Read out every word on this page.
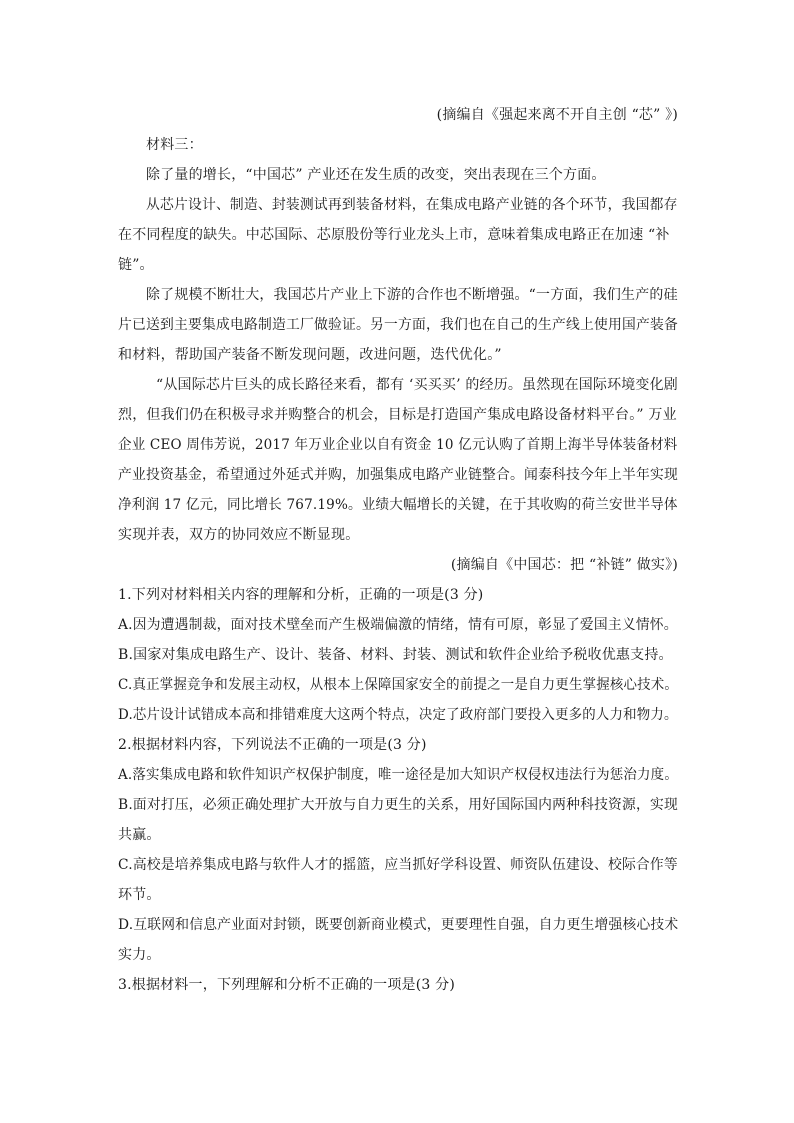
(摘编自《强起来离不开自主创 “芯” 》)
材料三：
除了量的增长，“中国芯” 产业还在发生质的改变，突出表现在三个方面。
从芯片设计、制造、封装测试再到装备材料，在集成电路产业链的各个环节，我国都存
在不同程度的缺失。中芯国际、芯原股份等行业龙头上市，意味着集成电路正在加速 “补
链”。
除了规模不断壮大，我国芯片产业上下游的合作也不断增强。“一方面，我们生产的硅
片已送到主要集成电路制造工厂做验证。另一方面，我们也在自己的生产线上使用国产装备
和材料，帮助国产装备不断发现问题，改进问题，迭代优化。”
“从国际芯片巨头的成长路径来看，都有 ‘买买买’ 的经历。虽然现在国际环境变化剧
烈，但我们仍在积极寻求并购整合的机会，目标是打造国产集成电路设备材料平台。” 万业
企业 CEO 周伟芳说，2017 年万业企业以自有资金 10 亿元认购了首期上海半导体装备材料
产业投资基金，希望通过外延式并购，加强集成电路产业链整合。闻泰科技今年上半年实现
净利润 17 亿元，同比增长 767.19%。业绩大幅增长的关键，在于其收购的荷兰安世半导体
实现并表，双方的协同效应不断显现。
(摘编自《中国芯：把 “补链” 做实》)
1.下列对材料相关内容的理解和分析，正确的一项是(3 分)
A.因为遭遇制裁，面对技术壁垒而产生极端偏激的情绪，情有可原，彰显了爱国主义情怀。
B.国家对集成电路生产、设计、装备、材料、封装、测试和软件企业给予税收优惠支持。
C.真正掌握竞争和发展主动权，从根本上保障国家安全的前提之一是自力更生掌握核心技术。
D.芯片设计试错成本高和排错难度大这两个特点，决定了政府部门要投入更多的人力和物力。
2.根据材料内容，下列说法不正确的一项是(3 分)
A.落实集成电路和软件知识产权保护制度，唯一途径是加大知识产权侵权违法行为惩治力度。
B.面对打压，必须正确处理扩大开放与自力更生的关系，用好国际国内两种科技资源，实现
共赢。
C.高校是培养集成电路与软件人才的摇篮，应当抓好学科设置、师资队伍建设、校际合作等
环节。
D.互联网和信息产业面对封锁，既要创新商业模式，更要理性自强，自力更生增强核心技术
实力。
3.根据材料一，下列理解和分析不正确的一项是(3 分)
